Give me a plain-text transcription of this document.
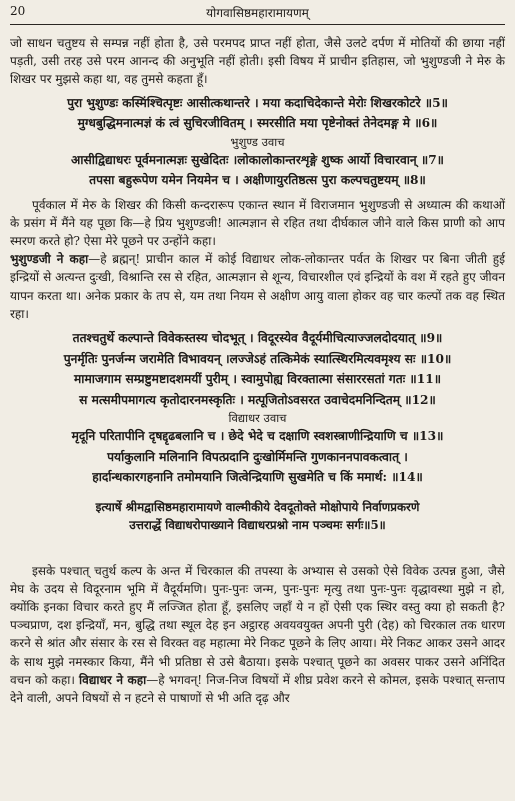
20	योगवासिष्ठमहारामायणम्

जो साधन चतुष्टय से सम्पन्न नहीं होता है, उसे परमपद प्राप्त नहीं होता, जैसे उलटे दर्पण में मोतियों की छाया नहीं पड़ती, उसी तरह उसे परम आनन्द की अनुभूति नहीं होती। इसी विषय में प्राचीन इतिहास, जो भुशुण्डजी ने मेरु के शिखर पर मुझसे कहा था, वह तुमसे कहता हूँ।

पुरा भुशुण्डः कस्मिंश्चित्पृष्टः आसीत्कथान्तरे । मया कदाचिदेकान्ते मेरोः शिखरकोटरे ॥5॥

मुग्धबुद्धिमनात्मज्ञं कं त्वं सुचिरजीवितम् । स्मरसीति मया पृष्टेनोक्तं तेनेदमङ्ग मे ॥6॥

भुशुण्ड उवाच

आसीद्विद्याधरः पूर्वमनात्मज्ञः सुखेदितः ।लोकालोकान्तरशृङ्गे शुष्क आर्यो विचारवान् ॥7॥

तपसा बहुरूपेण यमेन नियमेन च । अक्षीणायुरतिष्ठत्स पुरा कल्पचतुष्टयम् ॥8॥

पूर्वकाल में मेरु के शिखर की किसी कन्दरारूप एकान्त स्थान में विराजमान भुशुण्डजी से अध्यात्म की कथाओं के प्रसंग में मैंने यह पूछा कि—हे प्रिय भुशुण्डजी! आत्मज्ञान से रहित तथा दीर्घकाल जीने वाले किस प्राणी को आप स्मरण करते हो? ऐसा मेरे पूछने पर उन्होंने कहा।

भुशुण्डजी ने कहा—हे ब्रह्मन्! प्राचीन काल में कोई विद्याधर लोक-लोकान्तर पर्वत के शिखर पर बिना जीती हुई इन्द्रियों से अत्यन्त दुःखी, विश्रान्ति रस से रहित, आत्मज्ञान से शून्य, विचारशील एवं इन्द्रियों के वश में रहते हुए जीवन यापन करता था। अनेक प्रकार के तप से, यम तथा नियम से अक्षीण आयु वाला होकर वह चार कल्पों तक वह स्थित रहा।

ततश्चतुर्थे कल्पान्ते विवेकस्तस्य चोदभूत् । विदूरस्येव वैदूर्यमीचित्याज्जलदोदयात् ॥9॥

पुनर्मृतिः पुनर्जन्म जरामेति विभावयन् ।लज्जेऽहं तत्किमेकं स्यात्स्थिरमित्यवमृश्य सः ॥10॥

मामाजगाम सम्प्रष्टुमष्टादशमयीं पुरीम् । स्वामुपोह्य विरक्तात्मा संसाररसतां गतः ॥11॥

स मत्समीपमागत्य कृतोदारनमस्कृतिः । मत्पूजितोऽवसरत उवाचेदमनिन्दितम् ॥12॥

विद्याधर उवाच

मृदूनि परितापीनि दृषद्दृढबलानि च । छेदे भेदे च दक्षाणि स्वशस्त्राणीन्द्रियाणि च ॥13॥

पर्याकुलानि मलिनानि विपत्प्रदानि दुःखोर्मिमन्ति गुणकाननपावकत्वात् ।

हार्दान्धकारगहनानि तमोमयानि जित्वेन्द्रियाणि सुखमेति च किं ममार्थ: ॥14॥

इत्यार्षे श्रीमद्वासिष्ठमहारामायणे वाल्मीकीये देवदूतोक्ते मोक्षोपाये निर्वाणप्रकरणे

उत्तरार्द्धे विद्याधरोपाख्याने विद्याधरप्रश्नो नाम पञ्चमः सर्गः॥5॥

इसके पश्चात् चतुर्थ कल्प के अन्त में चिरकाल की तपस्या के अभ्यास से उसको ऐसे विवेक उत्पन्न हुआ, जैसे मेघ के उदय से विदूरनाम भूमि में वैदूर्यमणि। पुनः-पुनः जन्म, पुनः-पुनः मृत्यु तथा पुनः-पुनः वृद्धावस्था मुझे न हो, क्योंकि इनका विचार करते हुए मैं लज्जित होता हूँ, इसलिए जहाँ ये न हों ऐसी एक स्थिर वस्तु क्या हो सकती है? पञ्चप्राण, दश इन्द्रियाँ, मन, बुद्धि तथा स्थूल देह इन अट्ठारह अवयवयुक्त अपनी पुरी (देह) को चिरकाल तक धारण करने से श्रांत और संसार के रस से विरक्त वह महात्मा मेरे निकट पूछने के लिए आया। मेरे निकट आकर उसने आदर के साथ मुझे नमस्कार किया, मैंने भी प्रतिष्ठा से उसे बैठाया। इसके पश्चात् पूछने का अवसर पाकर उसने अनिंदित वचन को कहा। विद्याधर ने कहा—हे भगवन्! निज-निज विषयों में शीघ्र प्रवेश करने से कोमल, इसके पश्चात् सन्ताप देने वाली, अपने विषयों से न हटने से पाषाणों से भी अति दृढ़ और
